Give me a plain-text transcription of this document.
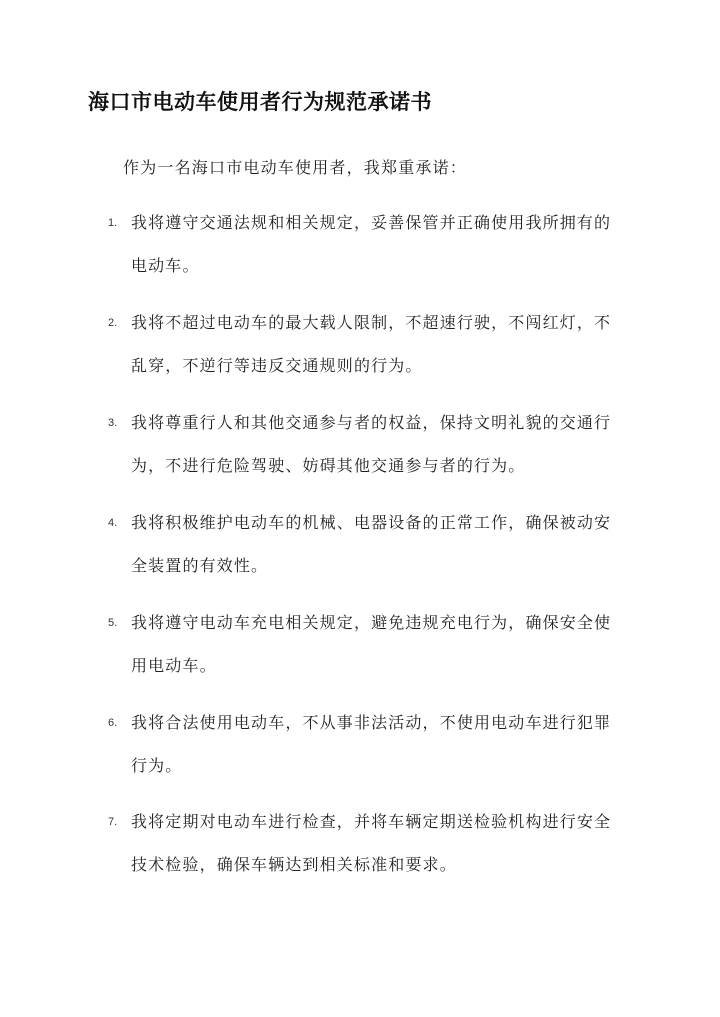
海口市电动车使用者行为规范承诺书
作为一名海口市电动车使用者，我郑重承诺：
1. 我将遵守交通法规和相关规定，妥善保管并正确使用我所拥有的电动车。
2. 我将不超过电动车的最大载人限制，不超速行驶，不闯红灯，不乱穿，不逆行等违反交通规则的行为。
3. 我将尊重行人和其他交通参与者的权益，保持文明礼貌的交通行为，不进行危险驾驶、妨碍其他交通参与者的行为。
4. 我将积极维护电动车的机械、电器设备的正常工作，确保被动安全装置的有效性。
5. 我将遵守电动车充电相关规定，避免违规充电行为，确保安全使用电动车。
6. 我将合法使用电动车，不从事非法活动，不使用电动车进行犯罪行为。
7. 我将定期对电动车进行检查，并将车辆定期送检验机构进行安全技术检验，确保车辆达到相关标准和要求。
